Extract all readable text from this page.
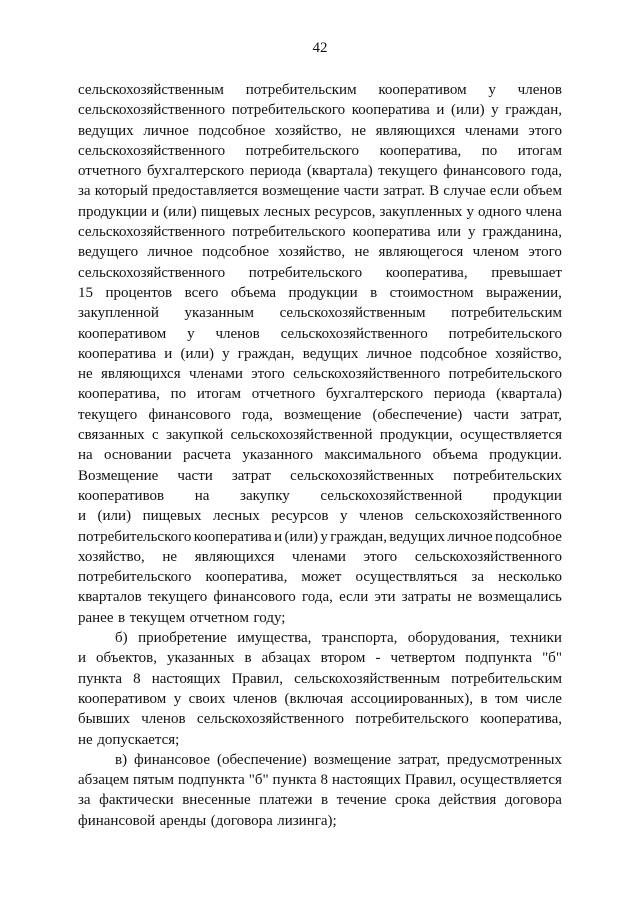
42
сельскохозяйственным потребительским кооперативом у членов
сельскохозяйственного потребительского кооператива и (или) у граждан,
ведущих личное подсобное хозяйство, не являющихся членами этого
сельскохозяйственного потребительского кооператива, по итогам
отчетного бухгалтерского периода (квартала) текущего финансового года,
за который предоставляется возмещение части затрат. В случае если объем
продукции и (или) пищевых лесных ресурсов, закупленных у одного члена
сельскохозяйственного потребительского кооператива или у гражданина,
ведущего личное подсобное хозяйство, не являющегося членом этого
сельскохозяйственного потребительского кооператива, превышает
15 процентов всего объема продукции в стоимостном выражении,
закупленной указанным сельскохозяйственным потребительским
кооперативом у членов сельскохозяйственного потребительского
кооператива и (или) у граждан, ведущих личное подсобное хозяйство,
не являющихся членами этого сельскохозяйственного потребительского
кооператива, по итогам отчетного бухгалтерского периода (квартала)
текущего финансового года, возмещение (обеспечение) части затрат,
связанных с закупкой сельскохозяйственной продукции, осуществляется
на основании расчета указанного максимального объема продукции.
Возмещение части затрат сельскохозяйственных потребительских
кооперативов на закупку сельскохозяйственной продукции
и (или) пищевых лесных ресурсов у членов сельскохозяйственного
потребительского кооператива и (или) у граждан, ведущих личное подсобное
хозяйство, не являющихся членами этого сельскохозяйственного
потребительского кооператива, может осуществляться за несколько
кварталов текущего финансового года, если эти затраты не возмещались
ранее в текущем отчетном году;
б) приобретение имущества, транспорта, оборудования, техники
и объектов, указанных в абзацах втором - четвертом подпункта "б"
пункта 8 настоящих Правил, сельскохозяйственным потребительским
кооперативом у своих членов (включая ассоциированных), в том числе
бывших членов сельскохозяйственного потребительского кооператива,
не допускается;
в) финансовое (обеспечение) возмещение затрат, предусмотренных
абзацем пятым подпункта "б" пункта 8 настоящих Правил, осуществляется
за фактически внесенные платежи в течение срока действия договора
финансовой аренды (договора лизинга);
